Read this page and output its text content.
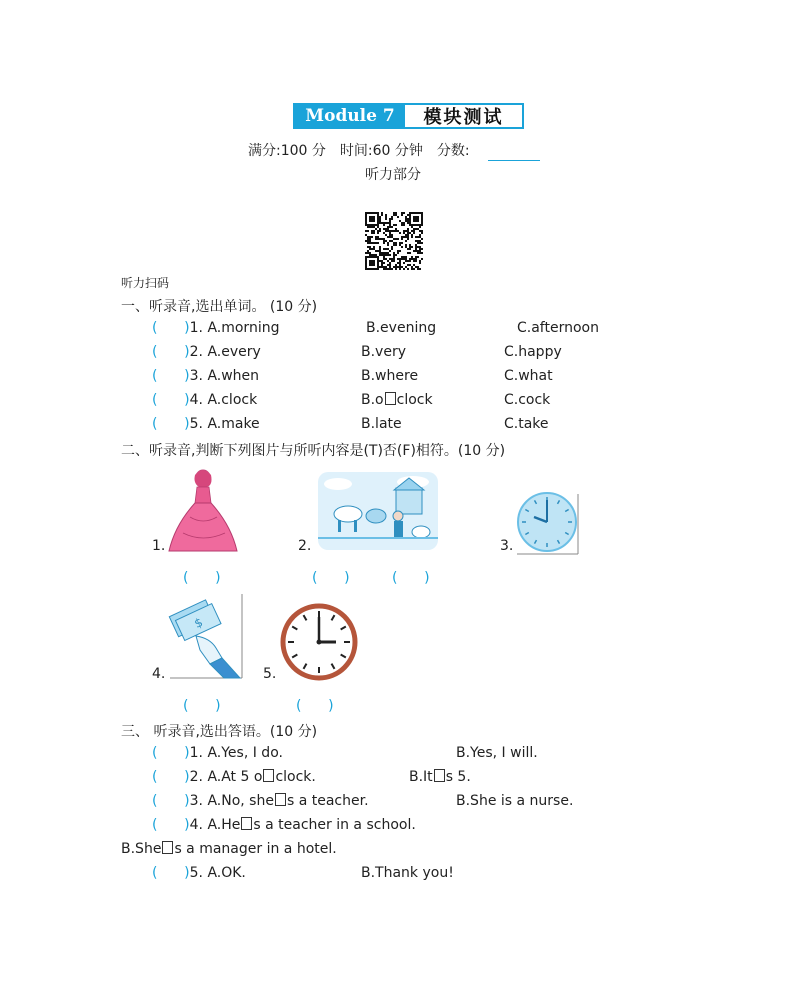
Module 7	模块测试
满分:100 分　时间:60 分钟　分数:
听力部分
听力扫码
一、听录音,选出单词。 (10 分)
( )1. A.morning	B.evening	C.afternoon
( )2. A.every	B.very	C.happy
( )3. A.when	B.where	C.what
( )4. A.clock	B.o clock	C.cock
( )5. A.make	B.late	C.take
二、听录音,判断下列图片与所听内容是(T)否(F)相符。(10 分)
1.	2.	3.
( )	( )	( )
4.
$
5.
( )	( )
三、 听录音,选出答语。(10 分)
( )1. A.Yes, I do.	B.Yes, I will.
( )2. A.At 5 o clock.	B.It s 5.
( )3. A.No, she s a teacher.	B.She is a nurse.
( )4. A.He s a teacher in a school.
B.She s a manager in a hotel.
( )5. A.OK.	B.Thank you!
